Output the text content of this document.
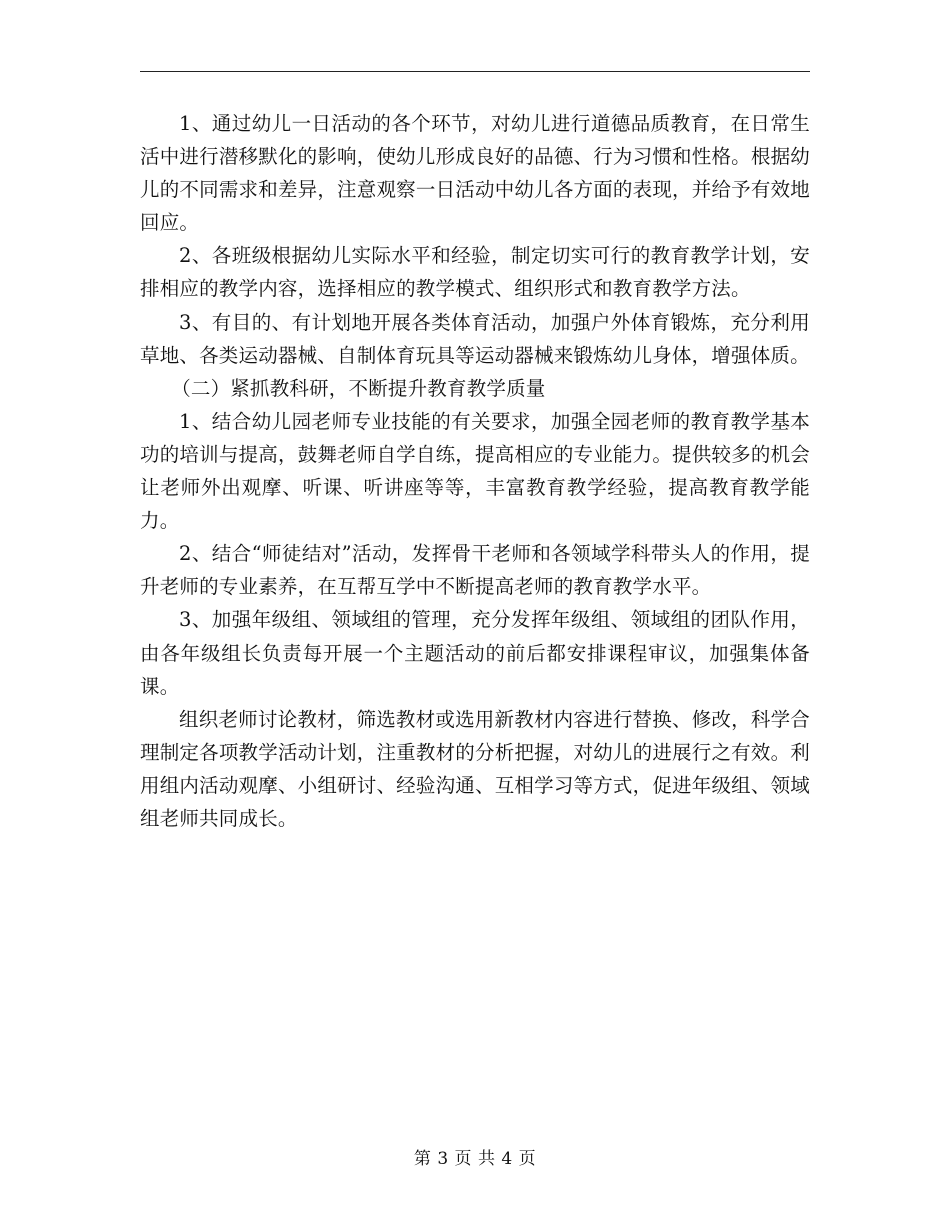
1、通过幼儿一日活动的各个环节，对幼儿进行道德品质教育，在日常生活中进行潜移默化的影响，使幼儿形成良好的品德、行为习惯和性格。根据幼儿的不同需求和差异，注意观察一日活动中幼儿各方面的表现，并给予有效地回应。

2、各班级根据幼儿实际水平和经验，制定切实可行的教育教学计划，安排相应的教学内容，选择相应的教学模式、组织形式和教育教学方法。

3、有目的、有计划地开展各类体育活动，加强户外体育锻炼，充分利用草地、各类运动器械、自制体育玩具等运动器械来锻炼幼儿身体，增强体质。

（二）紧抓教科研，不断提升教育教学质量

1、结合幼儿园老师专业技能的有关要求，加强全园老师的教育教学基本功的培训与提高，鼓舞老师自学自练，提高相应的专业能力。提供较多的机会让老师外出观摩、听课、听讲座等等，丰富教育教学经验，提高教育教学能力。

2、结合“师徒结对”活动，发挥骨干老师和各领域学科带头人的作用，提升老师的专业素养，在互帮互学中不断提高老师的教育教学水平。

3、加强年级组、领域组的管理，充分发挥年级组、领域组的团队作用，由各年级组长负责每开展一个主题活动的前后都安排课程审议，加强集体备课。

组织老师讨论教材，筛选教材或选用新教材内容进行替换、修改，科学合理制定各项教学活动计划，注重教材的分析把握，对幼儿的进展行之有效。利用组内活动观摩、小组研讨、经验沟通、互相学习等方式，促进年级组、领域组老师共同成长。

第 3 页 共 4 页
